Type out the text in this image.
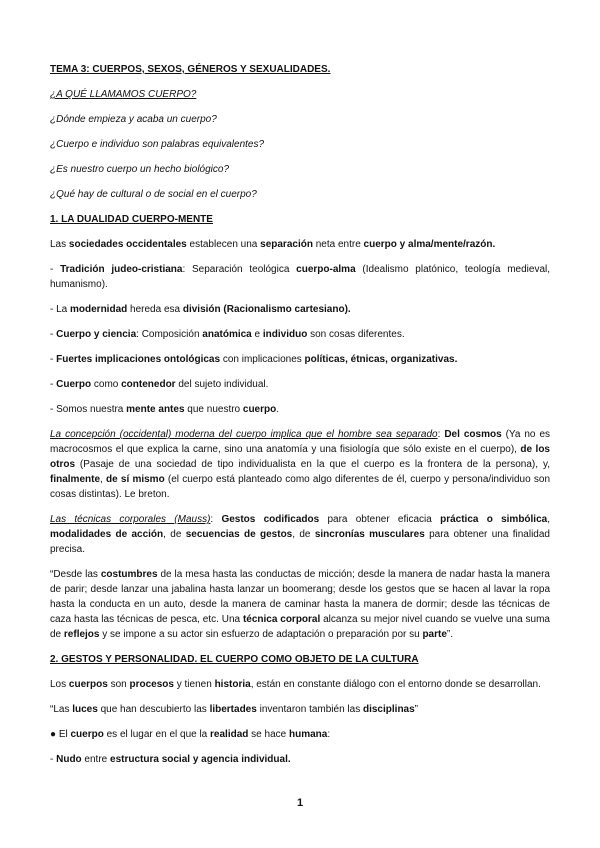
TEMA 3: CUERPOS, SEXOS, GÉNEROS Y SEXUALIDADES.

¿A QUÉ LLAMAMOS CUERPO?

¿Dónde empieza y acaba un cuerpo?

¿Cuerpo e individuo son palabras equivalentes?

¿Es nuestro cuerpo un hecho biológico?

¿Qué hay de cultural o de social en el cuerpo?

1. LA DUALIDAD CUERPO-MENTE

Las sociedades occidentales establecen una separación neta entre cuerpo y alma/mente/razón.

- Tradición judeo-cristiana: Separación teológica cuerpo-alma (Idealismo platónico, teología medieval, humanismo).

- La modernidad hereda esa división (Racionalismo cartesiano).

- Cuerpo y ciencia: Composición anatómica e individuo son cosas diferentes.

- Fuertes implicaciones ontológicas con implicaciones políticas, étnicas, organizativas.

- Cuerpo como contenedor del sujeto individual.

- Somos nuestra mente antes que nuestro cuerpo.

La concepción (occidental) moderna del cuerpo implica que el hombre sea separado: Del cosmos (Ya no es macrocosmos el que explica la carne, sino una anatomía y una fisiología que sólo existe en el cuerpo), de los otros (Pasaje de una sociedad de tipo individualista en la que el cuerpo es la frontera de la persona), y, finalmente, de sí mismo (el cuerpo está planteado como algo diferentes de él, cuerpo y persona/individuo son cosas distintas). Le breton.

Las técnicas corporales (Mauss): Gestos codificados para obtener eficacia práctica o simbólica, modalidades de acción, de secuencias de gestos, de sincronías musculares para obtener una finalidad precisa.

“Desde las costumbres de la mesa hasta las conductas de micción; desde la manera de nadar hasta la manera de parir; desde lanzar una jabalina hasta lanzar un boomerang; desde los gestos que se hacen al lavar la ropa hasta la conducta en un auto, desde la manera de caminar hasta la manera de dormir; desde las técnicas de caza hasta las técnicas de pesca, etc. Una técnica corporal alcanza su mejor nivel cuando se vuelve una suma de reflejos y se impone a su actor sin esfuerzo de adaptación o preparación por su parte”.

2. GESTOS Y PERSONALIDAD. EL CUERPO COMO OBJETO DE LA CULTURA

Los cuerpos son procesos y tienen historia, están en constante diálogo con el entorno donde se desarrollan.

“Las luces que han descubierto las libertades inventaron también las disciplinas”

● El cuerpo es el lugar en el que la realidad se hace humana:

- Nudo entre estructura social y agencia individual.

1
